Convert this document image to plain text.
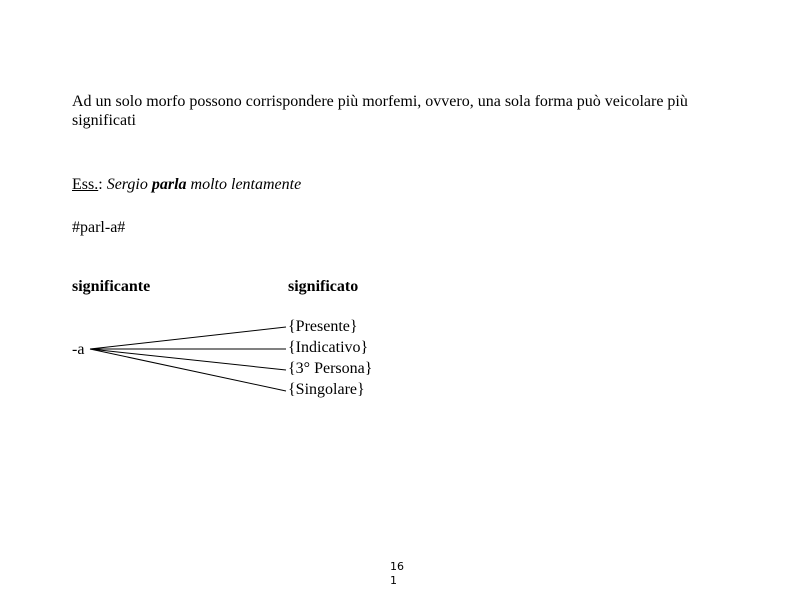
Ad un solo morfo possono corrispondere più morfemi, ovvero, una sola forma può veicolare più significati

Ess.: Sergio parla molto lentamente

#parl-a#

significante	significato
-a
{Presente}
{Indicativo}
{3° Persona}
{Singolare}
16
1
